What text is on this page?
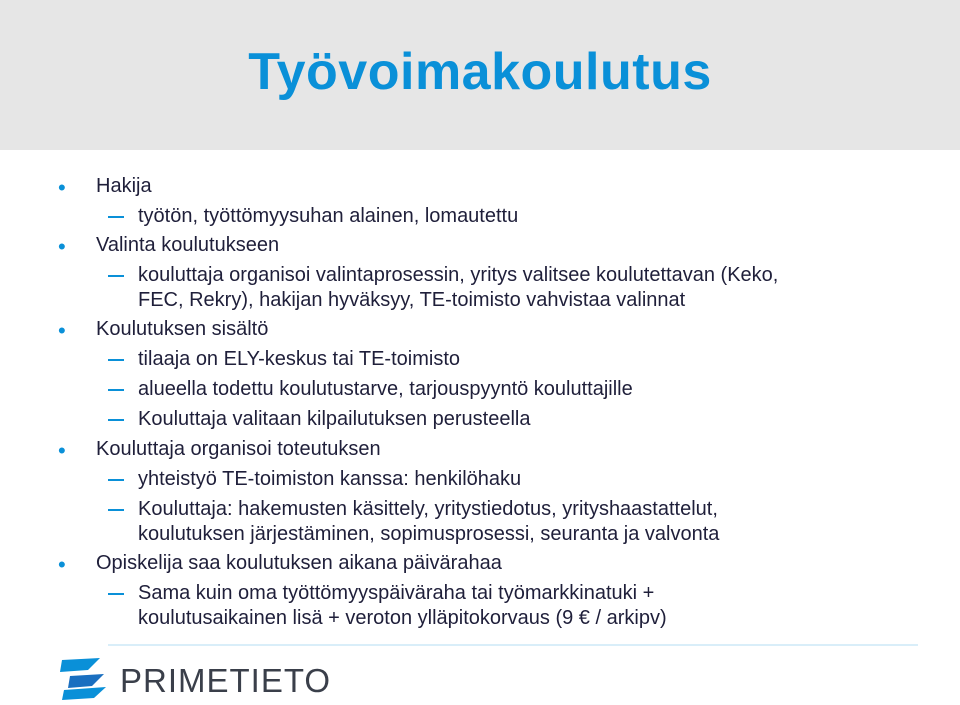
Työvoimakoulutus
• Hakija
työtön, työttömyysuhan alainen, lomautettu
• Valinta koulutukseen
kouluttaja organisoi valintaprosessin, yritys valitsee koulutettavan (Keko,
FEC, Rekry), hakijan hyväksyy, TE-toimisto vahvistaa valinnat
• Koulutuksen sisältö
tilaaja on ELY-keskus tai TE-toimisto
alueella todettu koulutustarve, tarjouspyyntö kouluttajille
Kouluttaja valitaan kilpailutuksen perusteella
• Kouluttaja organisoi toteutuksen
yhteistyö TE-toimiston kanssa: henkilöhaku
Kouluttaja: hakemusten käsittely, yritystiedotus, yrityshaastattelut,
koulutuksen järjestäminen, sopimusprosessi, seuranta ja valvonta
• Opiskelija saa koulutuksen aikana päivärahaa
Sama kuin oma työttömyyspäiväraha tai työmarkkinatuki +
koulutusaikainen lisä + veroton ylläpitokorvaus (9 € / arkipv)
PRIMETIETO
